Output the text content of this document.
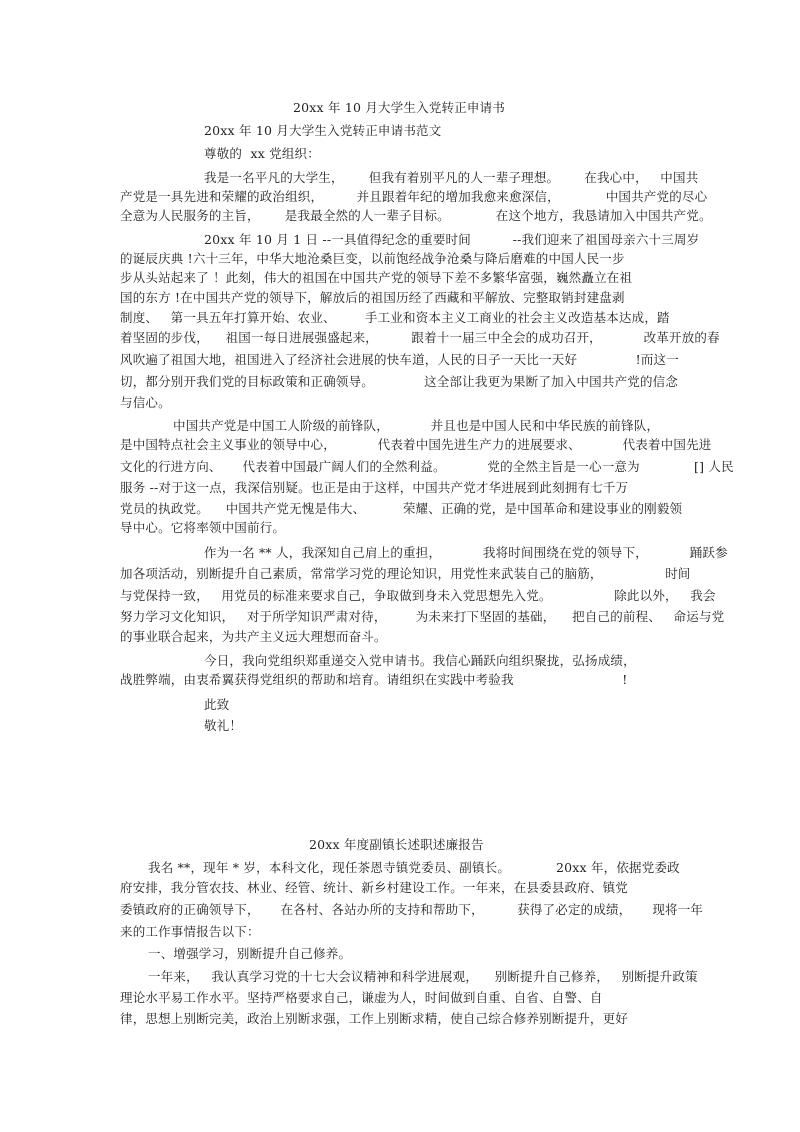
20xx 年 10 月大学生入党转正申请书
20xx 年 10 月大学生入党转正申请书范文
尊敬的  xx 党组织：
我是一名平凡的大学生，      但我有着别平凡的人一辈子理想。      在我心中，   中国共
产党是一具先进和荣耀的政治组织，        并且跟着年纪的增加我愈来愈深信，           中国共产党的尽心
全意为人民服务的主旨，      是我最全然的人一辈子目标。           在这个地方，我恳请加入中国共产党。
20xx 年 10 月 1 日 --一具值得纪念的重要时间          --我们迎来了祖国母亲六十三周岁
的诞辰庆典 !六十三年，中华大地沧桑巨变，以前饱经战争沧桑与降后磨难的中国人民一步
步从头站起来了 ！此刻，伟大的祖国在中国共产党的领导下差不多繁华富强，巍然矗立在祖
国的东方 !在中国共产党的领导下，解放后的祖国历经了西藏和平解放、完整取销封建盘剥
制度、   第一具五年打算开始、农业、       手工业和资本主义工商业的社会主义改造基本达成，踏
着坚固的步伐，    祖国一每日进展强盛起来，        跟着十一届三中全会的成功召开，          改革开放的春
风吹遍了祖国大地，祖国进入了经济社会进展的快车道，人民的日子一天比一天好              !而这一
切，都分别开我们党的目标政策和正确领导。            这全部让我更为果断了加入中国共产党的信念
与信心。
中国共产党是中国工人阶级的前锋队，          并且也是中国人民和中华民族的前锋队，
是中国特点社会主义事业的领导中心，          代表着中国先进生产力的进展要求、          代表着中国先进
文化的行进方向、     代表着中国最广阔人们的全然利益。          党的全然主旨是一心一意为             [] 人民
服务 --对于这一点，我深信别疑。也正是由于这样，中国共产党才华进展到此刻拥有七千万
党员的执政党。    中国共产党无愧是伟大、         荣耀、正确的党，是中国革命和建设事业的刚毅领
导中心。它将率领中国前行。
作为一名 ** 人，我深知自己肩上的重担，          我将时间围绕在党的领导下，          踊跃参
加各项活动，别断提升自己素质，常常学习党的理论知识，用党性来武装自己的脑筋，               时间
与党保持一致，   用党员的标准来要求自己，争取做到身未入党思想先入党。               除此以外，   我会
努力学习文化知识，   对于所学知识严肃对待，       为未来打下坚固的基础，    把自己的前程、   命运与党
的事业联合起来，为共产主义远大理想而奋斗。
今日，我向党组织郑重递交入党申请书。我信心踊跃向组织聚拢，弘扬成绩，
战胜弊端，由衷希翼获得党组织的帮助和培育。请组织在实践中考验我                          !
此致
敬礼！
20xx 年度副镇长述职述廉报告
我名 **，现年 * 岁，本科文化，现任茶恩寺镇党委员、副镇长。           20xx 年，依据党委政
府安排，我分管农技、林业、经管、统计、新乡村建设工作。一年来，在县委县政府、镇党
委镇政府的正确领导下，     在各村、各站办所的支持和帮助下，        获得了必定的成绩，     现将一年
来的工作事情报告以下：
一、增强学习，别断提升自己修养。
一年来，   我认真学习党的十七大会议精神和科学进展观，    别断提升自己修养，   别断提升政策
理论水平易工作水平。坚持严格要求自己，谦虚为人，时间做到自重、自省、自警、自
律，思想上别断完美，政治上别断求强，工作上别断求精，使自己综合修养别断提升，更好
